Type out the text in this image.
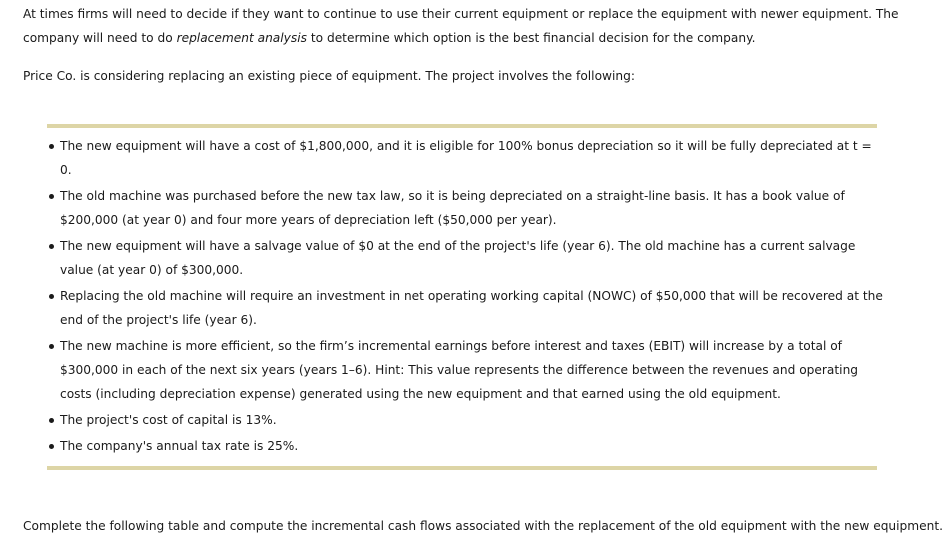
At times firms will need to decide if they want to continue to use their current equipment or replace the equipment with newer equipment. The

company will need to do replacement analysis to determine which option is the best financial decision for the company.

Price Co. is considering replacing an existing piece of equipment. The project involves the following:

The new equipment will have a cost of $1,800,000, and it is eligible for 100% bonus depreciation so it will be fully depreciated at t = 0.
The old machine was purchased before the new tax law, so it is being depreciated on a straight-line basis. It has a book value of $200,000 (at year 0) and four more years of depreciation left ($50,000 per year).
The new equipment will have a salvage value of $0 at the end of the project's life (year 6). The old machine has a current salvage value (at year 0) of $300,000.
Replacing the old machine will require an investment in net operating working capital (NOWC) of $50,000 that will be recovered at the end of the project's life (year 6).
The new machine is more efficient, so the firm’s incremental earnings before interest and taxes (EBIT) will increase by a total of $300,000 in each of the next six years (years 1–6). Hint: This value represents the difference between the revenues and operating costs (including depreciation expense) generated using the new equipment and that earned using the old equipment.
The project's cost of capital is 13%.
The company's annual tax rate is 25%.

Complete the following table and compute the incremental cash flows associated with the replacement of the old equipment with the new equipment.
